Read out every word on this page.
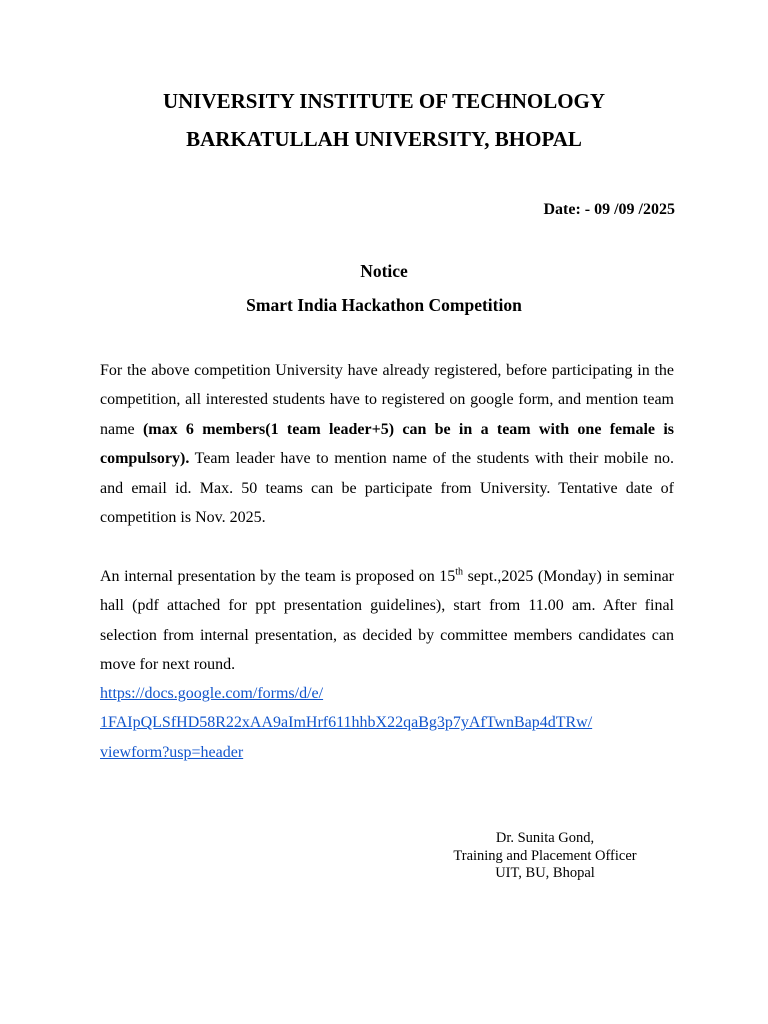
UNIVERSITY INSTITUTE OF TECHNOLOGY
BARKATULLAH UNIVERSITY, BHOPAL
Date: - 09 /09 /2025
Notice
Smart India Hackathon Competition

For the above competition University have already registered, before participating in the competition, all interested students have to registered on google form, and mention team name (max 6 members(1 team leader+5) can be in a team with one female is compulsory). Team leader have to mention name of the students with their mobile no. and email id. Max. 50 teams can be participate from University. Tentative date of competition is Nov. 2025.

An internal presentation by the team is proposed on 15th sept.,2025 (Monday) in seminar hall (pdf attached for ppt presentation guidelines), start from 11.00 am. After final selection from internal presentation, as decided by committee members candidates can move for next round.

https://docs.google.com/forms/d/e/
1FAIpQLSfHD58R22xAA9aImHrf611hhbX22qaBg3p7yAfTwnBap4dTRw/
viewform?usp=header
Dr. Sunita Gond,
Training and Placement Officer
UIT, BU, Bhopal
